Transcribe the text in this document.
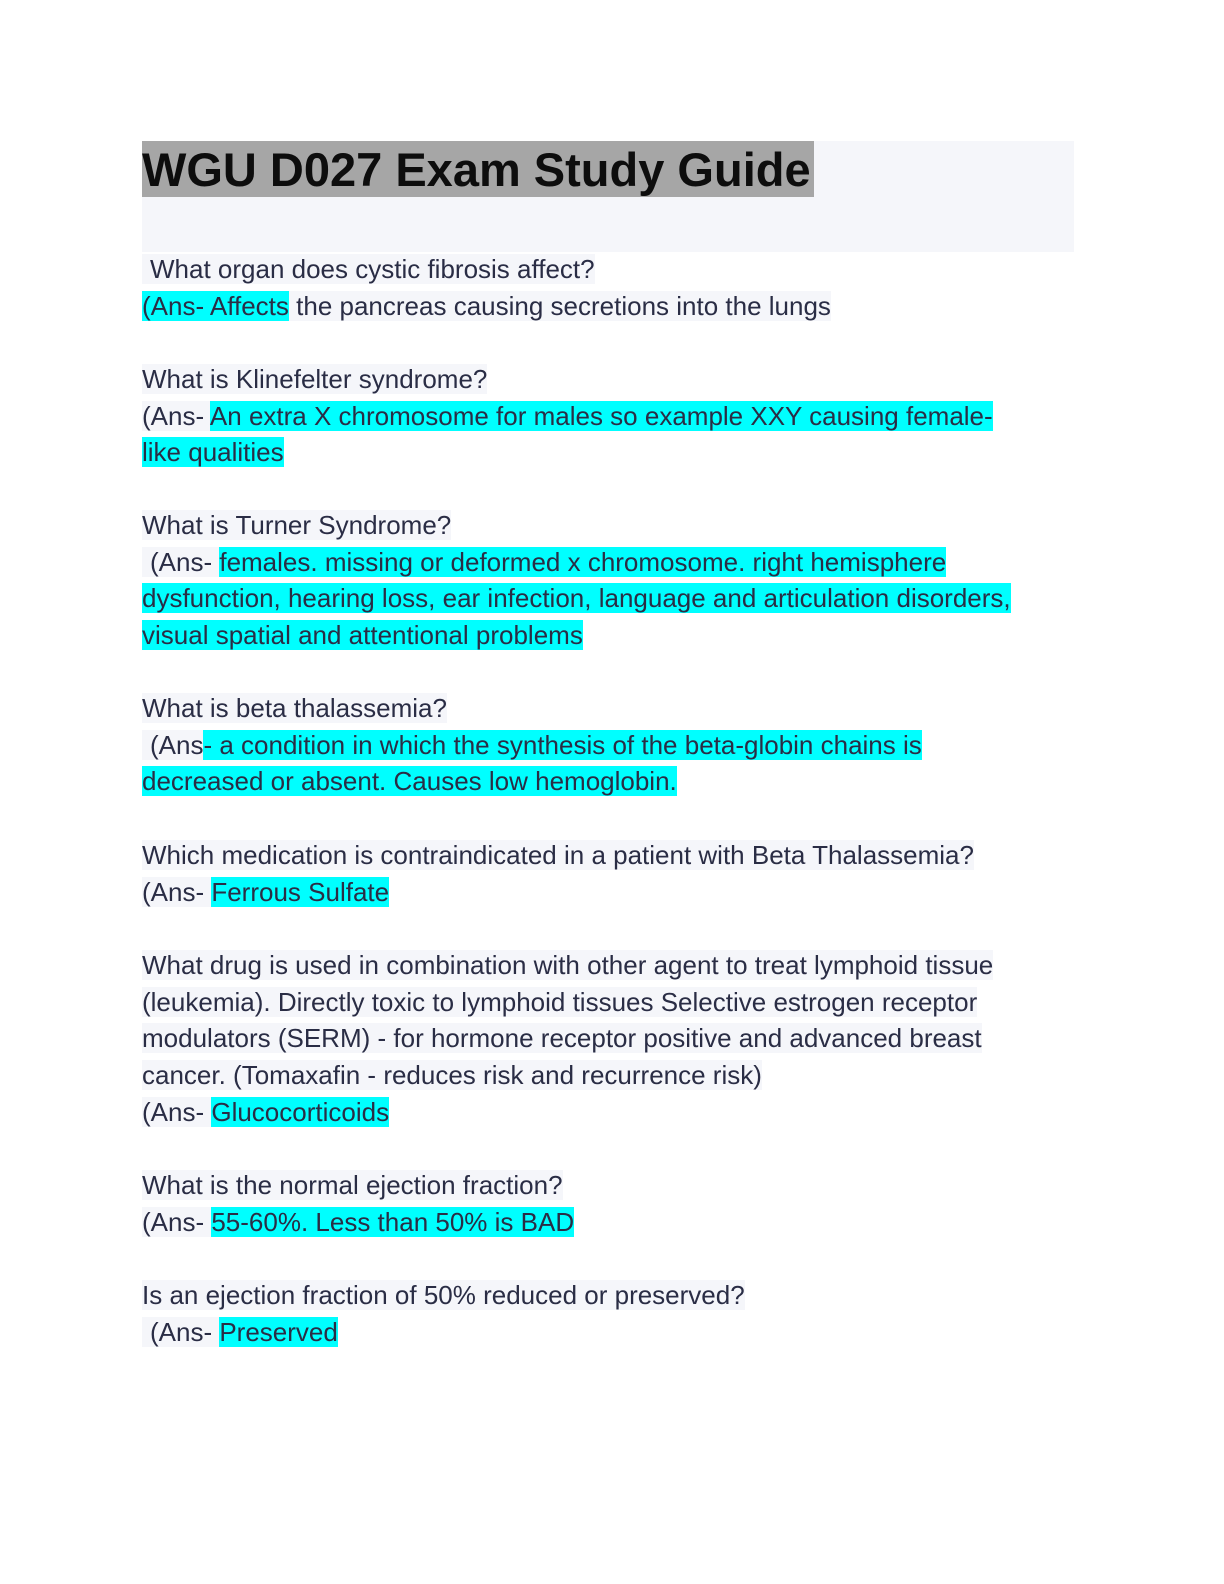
WGU D027 Exam Study Guide
What organ does cystic fibrosis affect?
(Ans- Affects the pancreas causing secretions into the lungs
What is Klinefelter syndrome?
(Ans- An extra X chromosome for males so example XXY causing female-
like qualities
What is Turner Syndrome?
(Ans- females. missing or deformed x chromosome. right hemisphere
dysfunction, hearing loss, ear infection, language and articulation disorders,
visual spatial and attentional problems
What is beta thalassemia?
(Ans- a condition in which the synthesis of the beta-globin chains is
decreased or absent. Causes low hemoglobin.
Which medication is contraindicated in a patient with Beta Thalassemia?
(Ans- Ferrous Sulfate
What drug is used in combination with other agent to treat lymphoid tissue
(leukemia). Directly toxic to lymphoid tissues Selective estrogen receptor
modulators (SERM) - for hormone receptor positive and advanced breast
cancer. (Tomaxafin - reduces risk and recurrence risk)
(Ans- Glucocorticoids
What is the normal ejection fraction?
(Ans- 55-60%. Less than 50% is BAD
Is an ejection fraction of 50% reduced or preserved?
(Ans- Preserved
